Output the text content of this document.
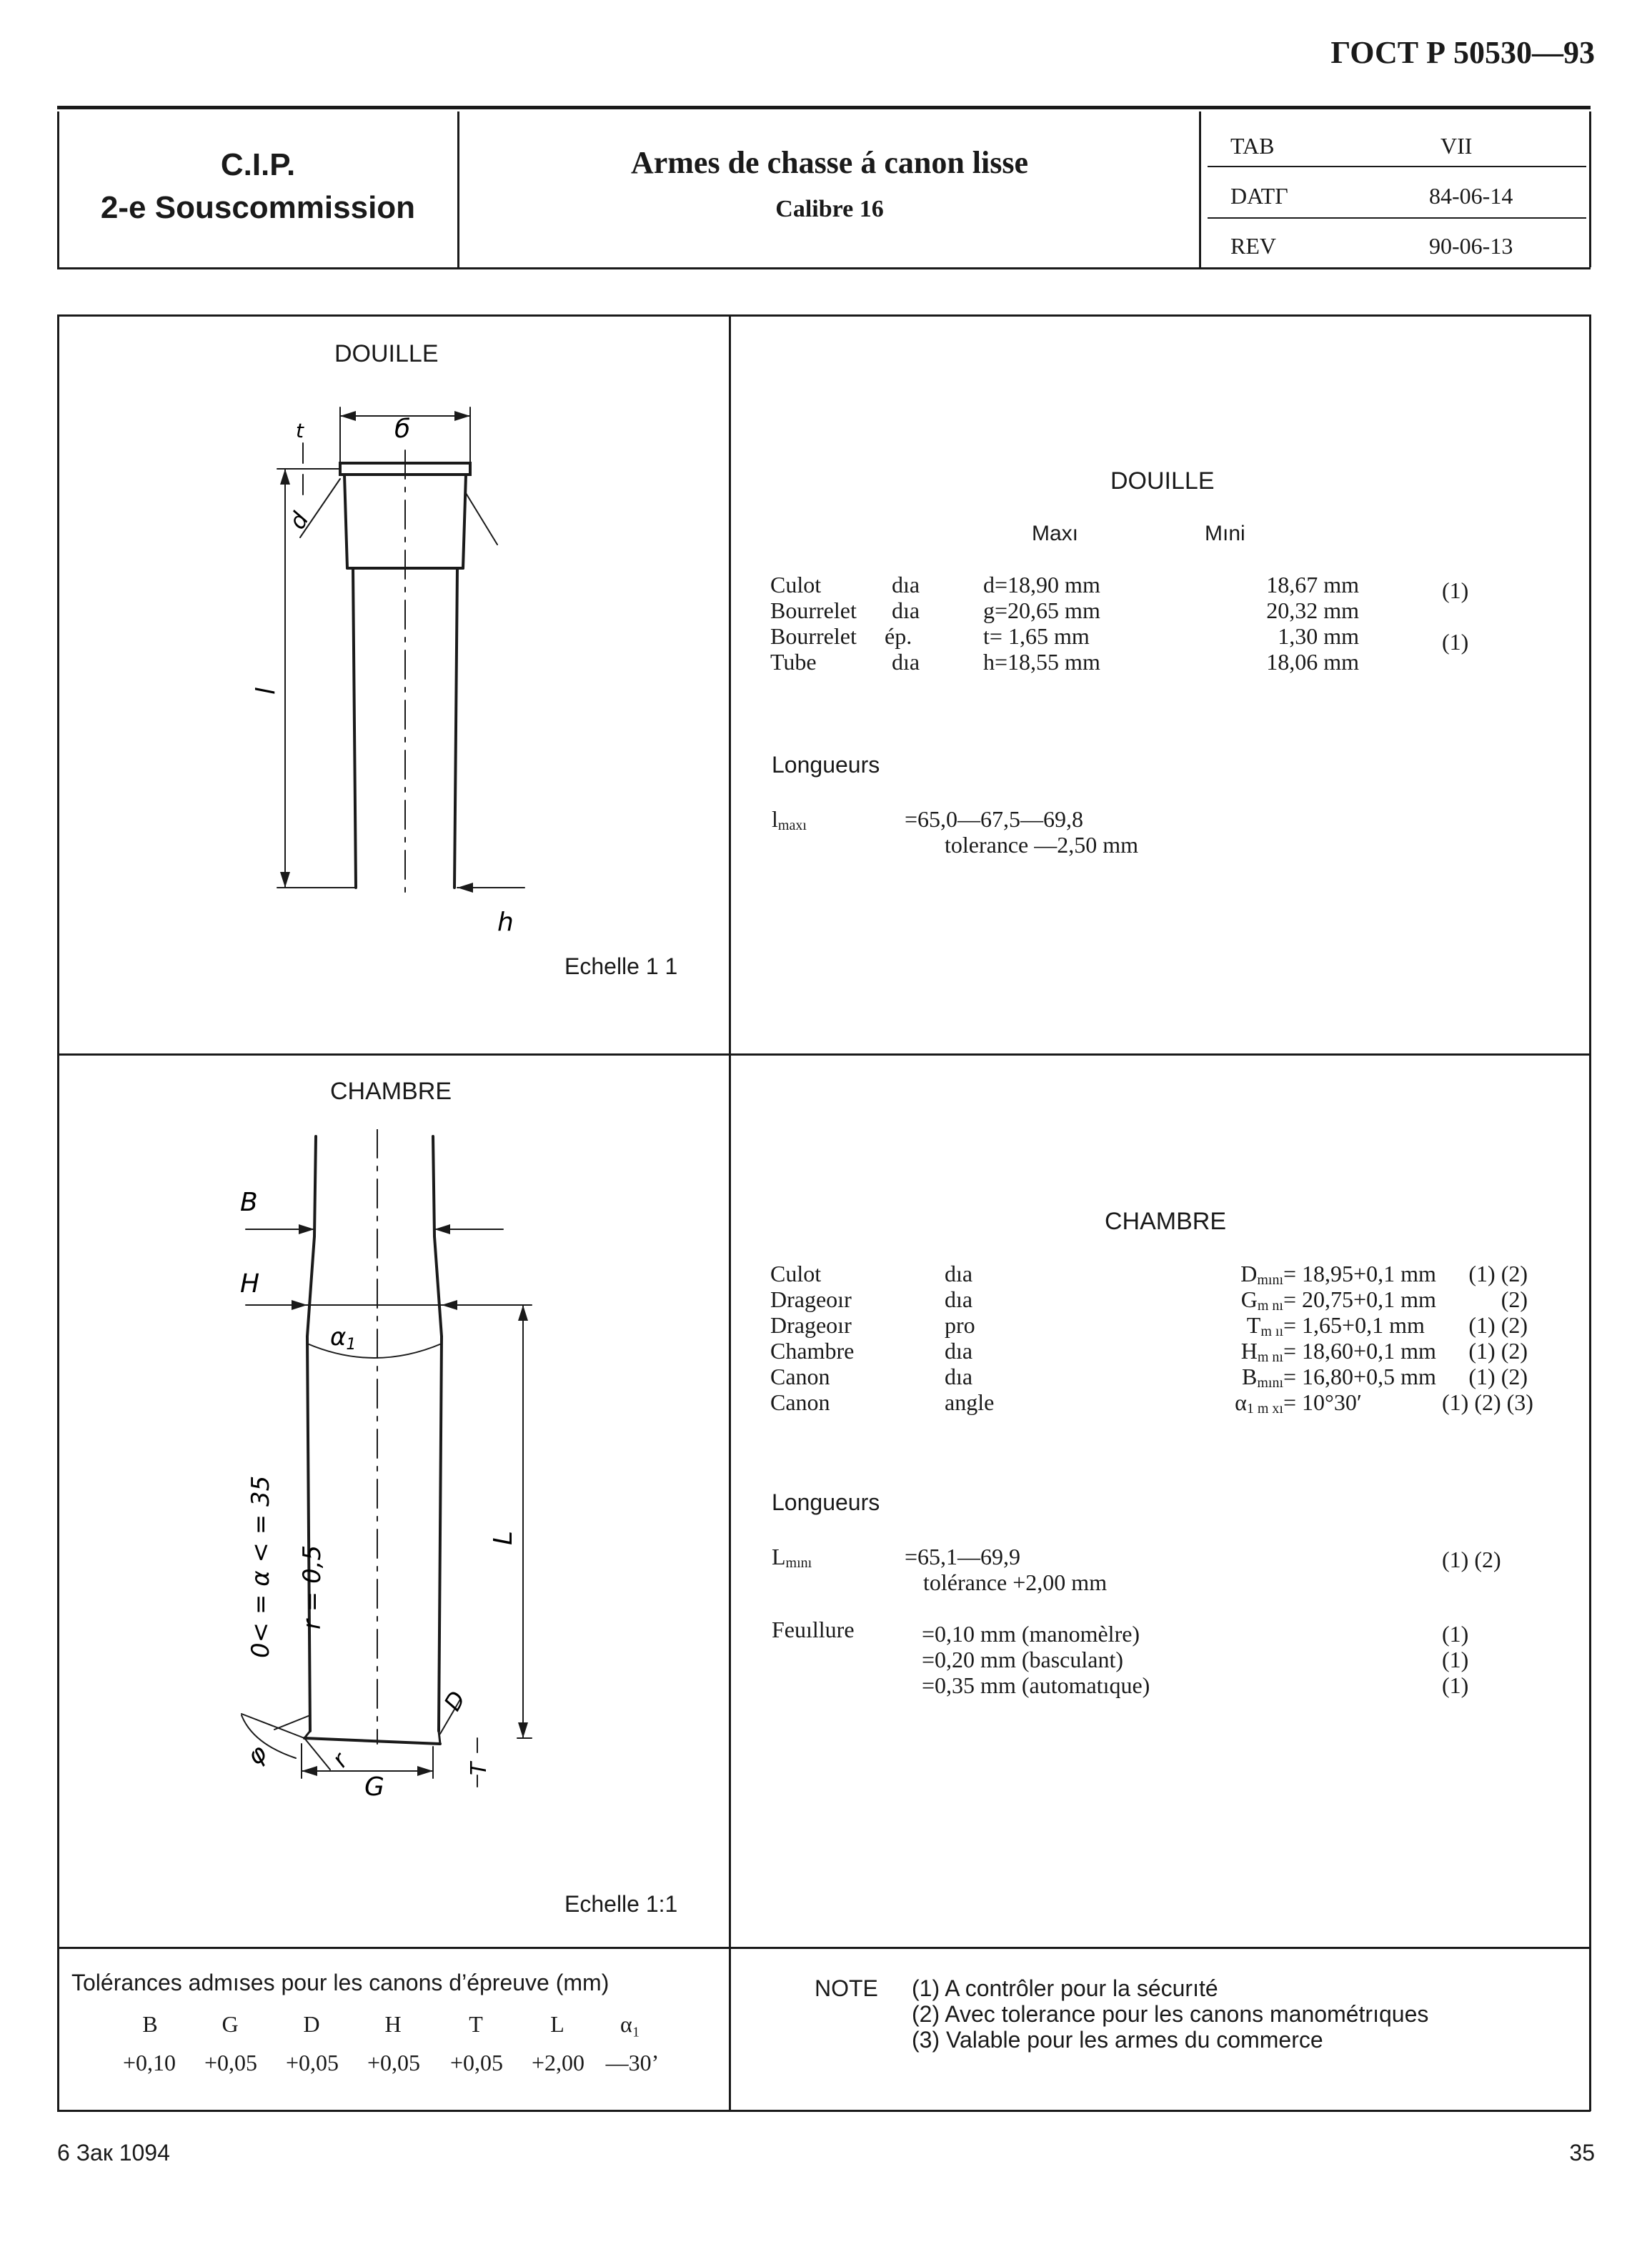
ГОСТ Р 50530—93
C.I.P.
2-e Souscommission
Armes de chasse á canon lisse
Calibre 16
TAB	VII
DATГ	84-06-14
REV	90-06-13
DOUILLE
б
t
d
l
h
Echelle 1 1
DOUILLE
Maxı	Mıni
Culot	dıa	d=18,90 mm	18,67 mm	(1)
Bourrelet dıa	g=20,65 mm	20,32 mm
Bourrelet ép.	t= 1,65 mm	1,30 mm	(1)
Tube	dıa	h=18,55 mm	18,06 mm
Longueurs
$l_{maxı}$	=65,0—67,5—69,8
tolerance —2,50 mm
CHAMBRE
B
H
α1
L
D
G
T
φ r
0< = α < = 35 r = 0,5
Echelle 1:1
CHAMBRE
Culot	dıa	$D_{mını} = 18,95+0,1$ mm	(1) (2)
Drageoır	dıa	$G_{m nı} = 20,75+0,1$ mm	(2)
Drageoır	pro	$T_{m ıı} = 1,65+0,1$ mm	(1) (2)
Chambre	dıa	$H_{m nı} = 18,60+0,1$ mm	(1) (2)
Canon	dıa	$B_{mını} = 16,80+0,5$ mm	(1) (2)
Canon	angle	$\alpha_{1 m xı} = 10^\circ 30'$	(1) (2) (3)
Longueurs
$L_{mını}$	=65,1—69,9
tolérance +2,00 mm
(1) (2)
Feuıllure	=0,10 mm (manomèlre)	(1)
=0,20 mm (basculant)	(1)
=0,35 mm (automatıque)	(1)
Tolérances admıses pour les canons d’épreuve (mm)
B	G	D	H	T	L	α₁
+0,10	+0,05	+0,05	+0,05	+0,05	+2,00 —30’
NOTE (1) A contrôler pour la sécurıté
(2) Avec tolerance pour les canons manométrıques
(3) Valable pour les armes du commerce
6 Зак 1094	35
